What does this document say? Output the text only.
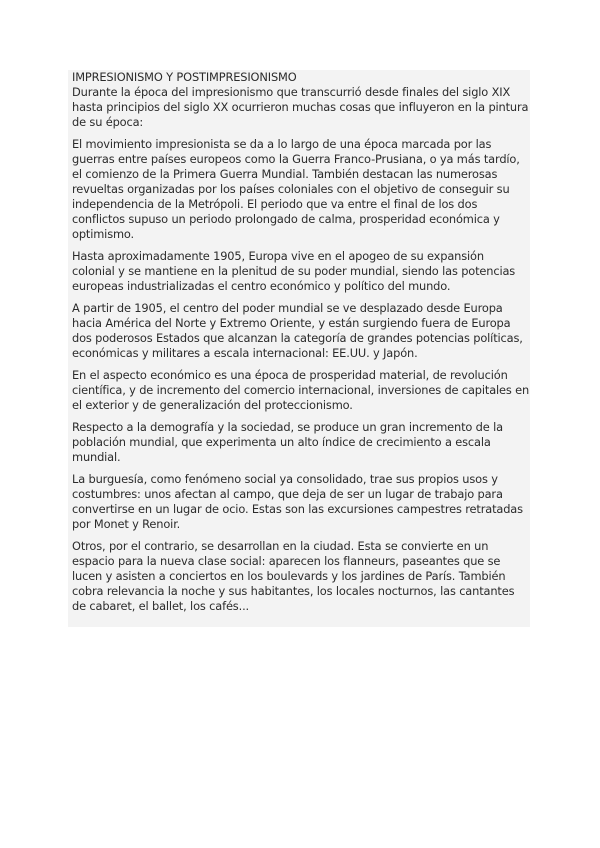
IMPRESIONISMO Y POSTIMPRESIONISMO

Durante la época del impresionismo que transcurrió desde finales del siglo XIX hasta principios del siglo XX ocurrieron muchas cosas que influyeron en la pintura de su época:

El movimiento impresionista se da a lo largo de una época marcada por las guerras entre países europeos como la Guerra Franco-Prusiana, o ya más tardío, el comienzo de la Primera Guerra Mundial. También destacan las numerosas revueltas organizadas por los países coloniales con el objetivo de conseguir su independencia de la Metrópoli. El periodo que va entre el final de los dos conflictos supuso un periodo prolongado de calma, prosperidad económica y optimismo.

Hasta aproximadamente 1905, Europa vive en el apogeo de su expansión colonial y se mantiene en la plenitud de su poder mundial, siendo las potencias europeas industrializadas el centro económico y político del mundo.

A partir de 1905, el centro del poder mundial se ve desplazado desde Europa hacia América del Norte y Extremo Oriente, y están surgiendo fuera de Europa dos poderosos Estados que alcanzan la categoría de grandes potencias políticas, económicas y militares a escala internacional: EE.UU. y Japón.

En el aspecto económico es una época de prosperidad material, de revolución científica, y de incremento del comercio internacional, inversiones de capitales en el exterior y de generalización del proteccionismo.

Respecto a la demografía y la sociedad, se produce un gran incremento de la población mundial, que experimenta un alto índice de crecimiento a escala mundial.

La burguesía, como fenómeno social ya consolidado, trae sus propios usos y costumbres: unos afectan al campo, que deja de ser un lugar de trabajo para convertirse en un lugar de ocio. Estas son las excursiones campestres retratadas por Monet y Renoir.

Otros, por el contrario, se desarrollan en la ciudad. Esta se convierte en un espacio para la nueva clase social: aparecen los flanneurs, paseantes que se lucen y asisten a conciertos en los boulevards y los jardines de París. También cobra relevancia la noche y sus habitantes, los locales nocturnos, las cantantes de cabaret, el ballet, los cafés...
